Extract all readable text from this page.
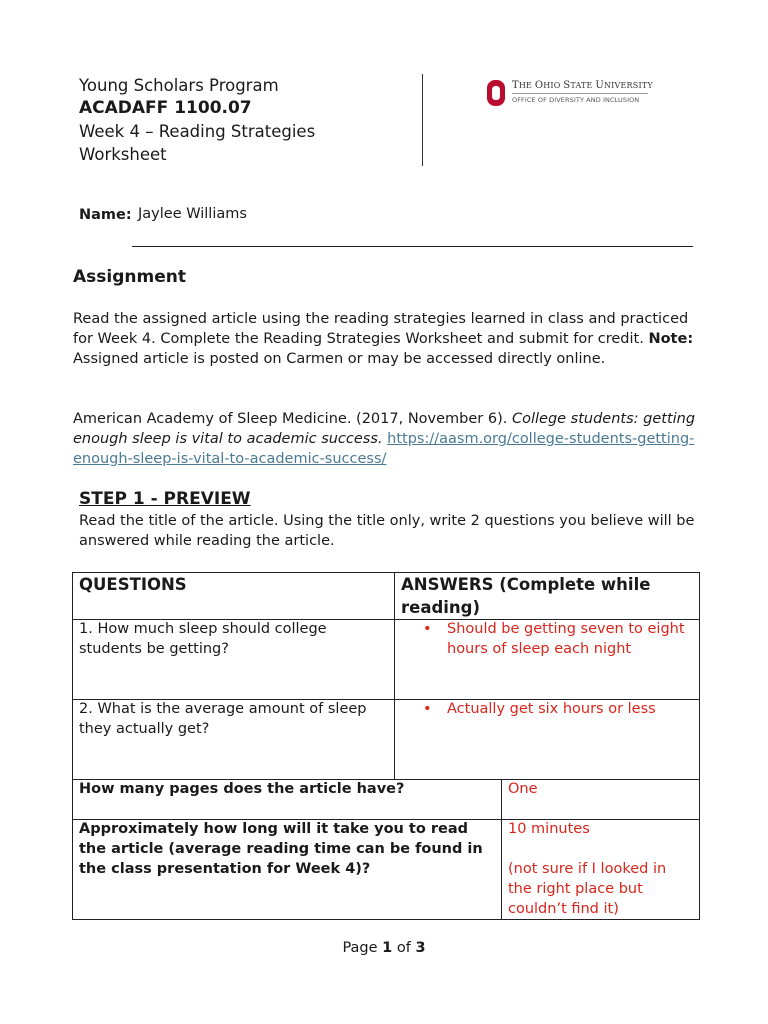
Young Scholars Program
ACADAFF 1100.07
Week 4 – Reading Strategies
Worksheet
THE OHIO STATE UNIVERSITY
OFFICE OF DIVERSITY AND INCLUSION
Name: Jaylee Williams
Assignment
Read the assigned article using the reading strategies learned in class and practiced for Week 4. Complete the Reading Strategies Worksheet and submit for credit. Note: Assigned article is posted on Carmen or may be accessed directly online.
American Academy of Sleep Medicine. (2017, November 6). College students: getting enough sleep is vital to academic success. https://aasm.org/college-students-getting-enough-sleep-is-vital-to-academic-success/
STEP 1 - PREVIEW
Read the title of the article. Using the title only, write 2 questions you believe will be answered while reading the article.
QUESTIONS	ANSWERS (Complete while reading)
1. How much sleep should college students be getting?
• Should be getting seven to eight hours of sleep each night
2. What is the average amount of sleep they actually get?
• Actually get six hours or less
How many pages does the article have?	One
Approximately how long will it take you to read the article (average reading time can be found in the class presentation for Week 4)?
10 minutes
(not sure if I looked in the right place but couldn’t find it)
Page 1 of 3
